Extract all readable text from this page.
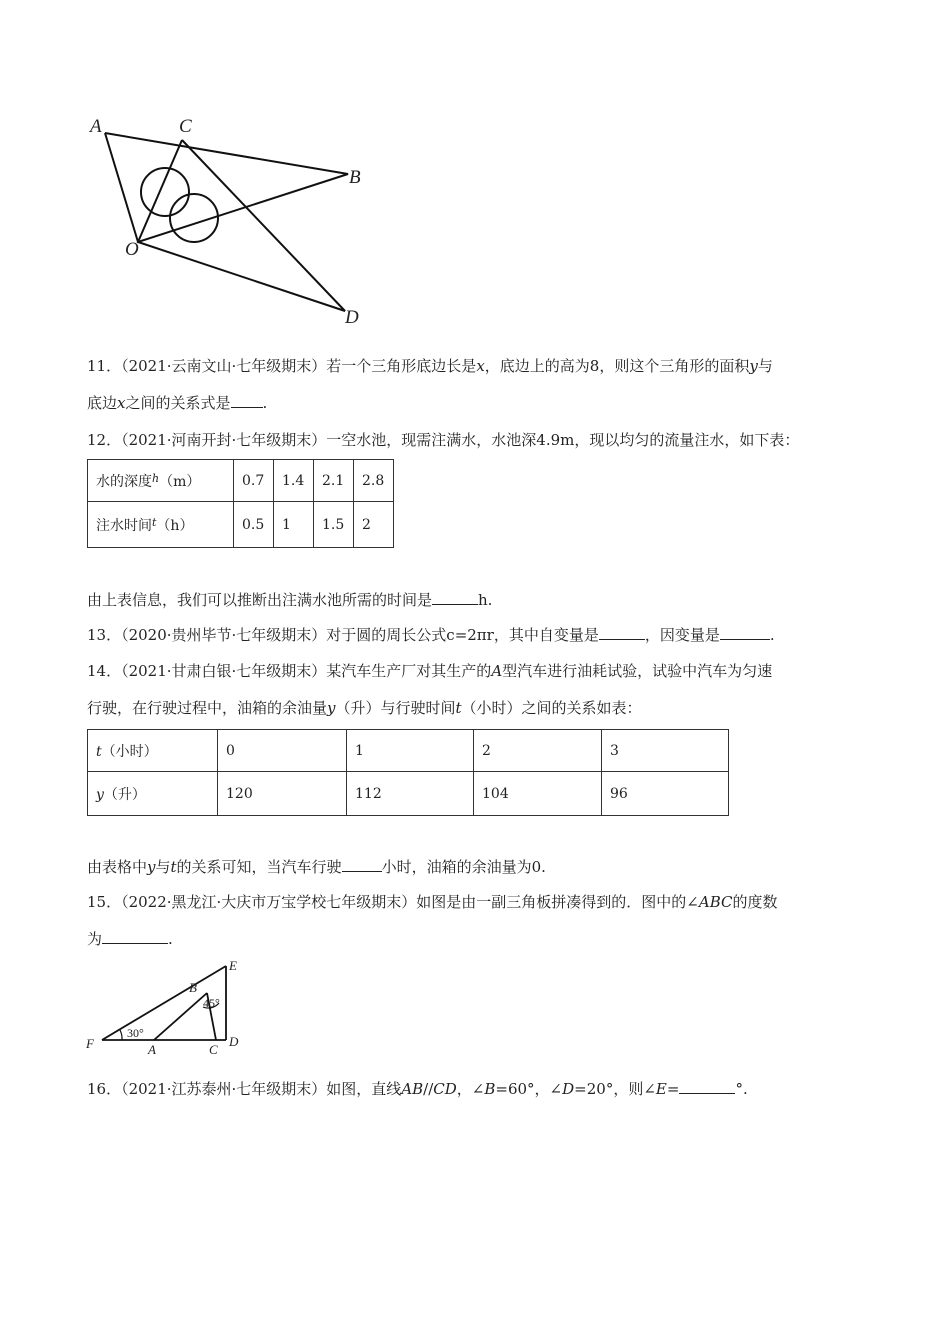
A	C
B
O
D
11．（2021·云南文山·七年级期末）若一个三角形底边长是x，底边上的高为8，则这个三角形的面积y与
底边x之间的关系式是 .
12．（2021·河南开封·七年级期末）一空水池，现需注满水，水池深4.9m，现以均匀的流量注水，如下表：
水的深度$^h$（m）	0.7	1.4	2.1	2.8
注水时间$^t$（h）	0.5	1	1.5	2
由上表信息，我们可以推断出注满水池所需的时间是	h.
13．（2020·贵州毕节·七年级期末）对于圆的周长公式c=2πr，其中自变量是	，因变量是	.
14．（2021·甘肃白银·七年级期末）某汽车生产厂对其生产的A型汽车进行油耗试验，试验中汽车为匀速
行驶，在行驶过程中，油箱的余油量y（升）与行驶时间t（小时）之间的关系如表：
t（小时）	0	1	2	3
y（升）	120	112	104	96
由表格中y与t的关系可知，当汽车行驶	小时，油箱的余油量为0.
15．（2022·黑龙江·大庆市万宝学校七年级期末）如图是由一副三角板拼凑得到的．图中的∠ABC的度数
为	.
E
B
F	A	C
D
45°
30°
16．（2021·江苏泰州·七年级期末）如图，直线AB//CD，∠B=60°，∠D=20°，则∠E=	°.
